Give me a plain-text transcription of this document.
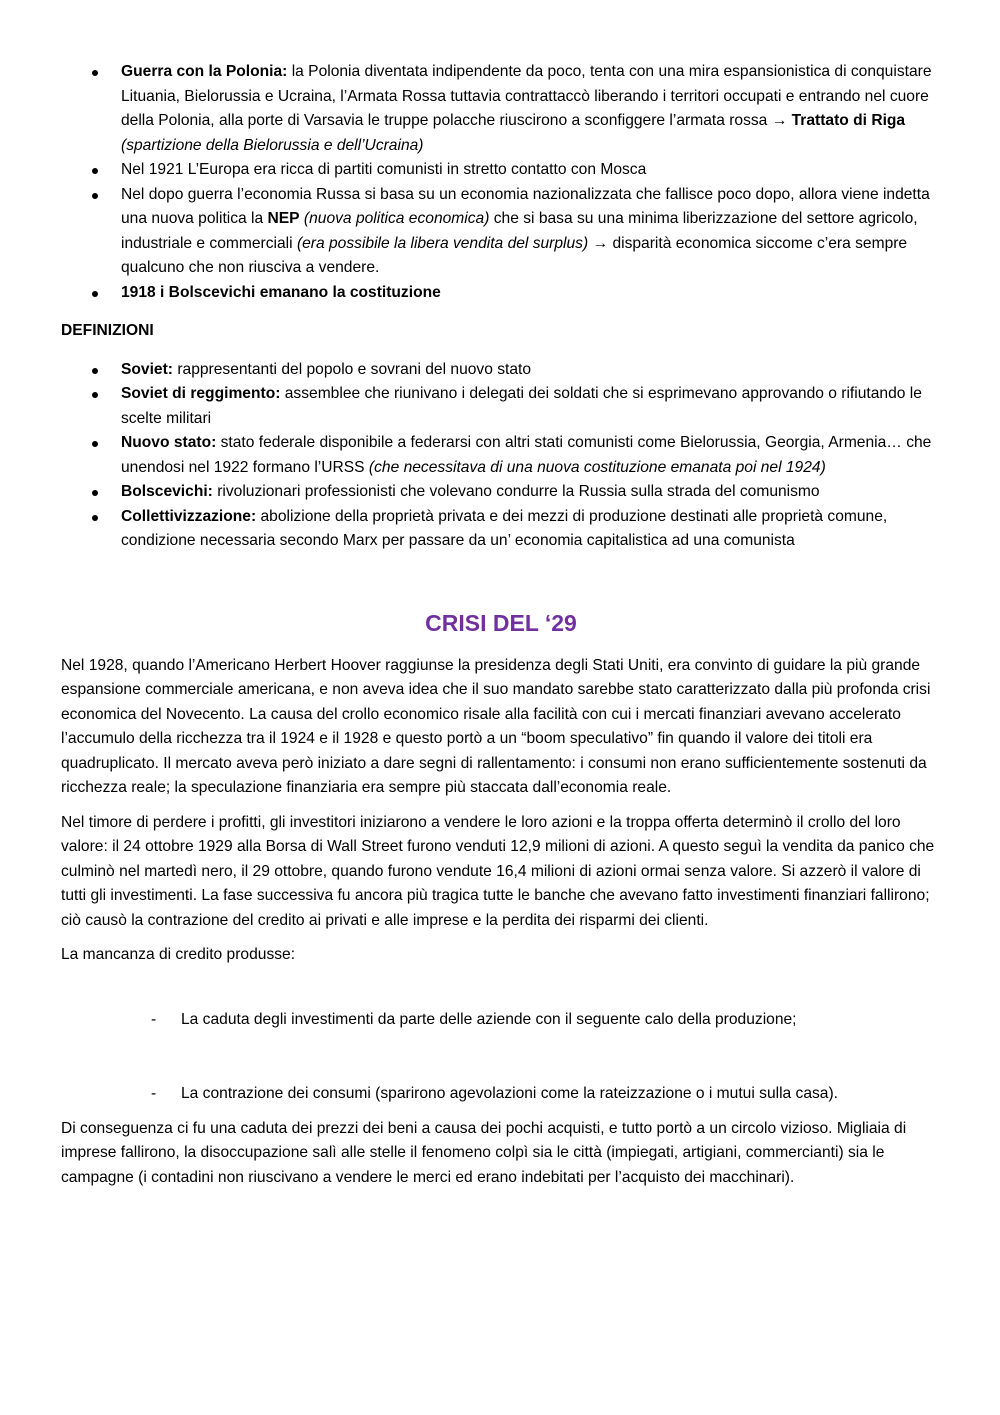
Guerra con la Polonia: la Polonia diventata indipendente da poco, tenta con una mira espansionistica di conquistare Lituania, Bielorussia e Ucraina, l’Armata Rossa tuttavia contrattaccò liberando i territori occupati e entrando nel cuore della Polonia, alla porte di Varsavia le truppe polacche riuscirono a sconfiggere l’armata rossa → Trattato di Riga (spartizione della Bielorussia e dell’Ucraina)
Nel 1921 L’Europa era ricca di partiti comunisti in stretto contatto con Mosca
Nel dopo guerra l’economia Russa si basa su un economia nazionalizzata che fallisce poco dopo, allora viene indetta una nuova politica la NEP (nuova politica economica) che si basa su una minima liberizzazione del settore agricolo, industriale e commerciali (era possibile la libera vendita del surplus) → disparità economica siccome c’era sempre qualcuno che non riusciva a vendere.
1918 i Bolscevichi emanano la costituzione
DEFINIZIONI
Soviet: rappresentanti del popolo e sovrani del nuovo stato
Soviet di reggimento: assemblee che riunivano i delegati dei soldati che si esprimevano approvando o rifiutando le scelte militari
Nuovo stato: stato federale disponibile a federarsi con altri stati comunisti come Bielorussia, Georgia, Armenia… che unendosi nel 1922 formano l’URSS (che necessitava di una nuova costituzione emanata poi nel 1924)
Bolscevichi: rivoluzionari professionisti che volevano condurre la Russia sulla strada del comunismo
Collettivizzazione: abolizione della proprietà privata e dei mezzi di produzione destinati alle proprietà comune, condizione necessaria secondo Marx per passare da un’ economia capitalistica ad una comunista
CRISI DEL ‘29

Nel 1928, quando l’Americano Herbert Hoover raggiunse la presidenza degli Stati Uniti, era convinto di guidare la più grande espansione commerciale americana, e non aveva idea che il suo mandato sarebbe stato caratterizzato dalla più profonda crisi economica del Novecento. La causa del crollo economico risale alla facilità con cui i mercati finanziari avevano accelerato l’accumulo della ricchezza tra il 1924 e il 1928 e questo portò a un “boom speculativo” fin quando il valore dei titoli era quadruplicato. Il mercato aveva però iniziato a dare segni di rallentamento: i consumi non erano sufficientemente sostenuti da ricchezza reale; la speculazione finanziaria era sempre più staccata dall’economia reale.

Nel timore di perdere i profitti, gli investitori iniziarono a vendere le loro azioni e la troppa offerta determinò il crollo del loro valore: il 24 ottobre 1929 alla Borsa di Wall Street furono venduti 12,9 milioni di azioni. A questo seguì la vendita da panico che culminò nel martedì nero, il 29 ottobre, quando furono vendute 16,4 milioni di azioni ormai senza valore. Si azzerò il valore di tutti gli investimenti. La fase successiva fu ancora più tragica tutte le banche che avevano fatto investimenti finanziari fallirono; ciò causò la contrazione del credito ai privati e alle imprese e la perdita dei risparmi dei clienti.

La mancanza di credito produsse:

- La caduta degli investimenti da parte delle aziende con il seguente calo della produzione;
- La contrazione dei consumi (sparirono agevolazioni come la rateizzazione o i mutui sulla casa).

Di conseguenza ci fu una caduta dei prezzi dei beni a causa dei pochi acquisti, e tutto portò a un circolo vizioso. Migliaia di imprese fallirono, la disoccupazione salì alle stelle il fenomeno colpì sia le città (impiegati, artigiani, commercianti) sia le campagne (i contadini non riuscivano a vendere le merci ed erano indebitati per l’acquisto dei macchinari).
